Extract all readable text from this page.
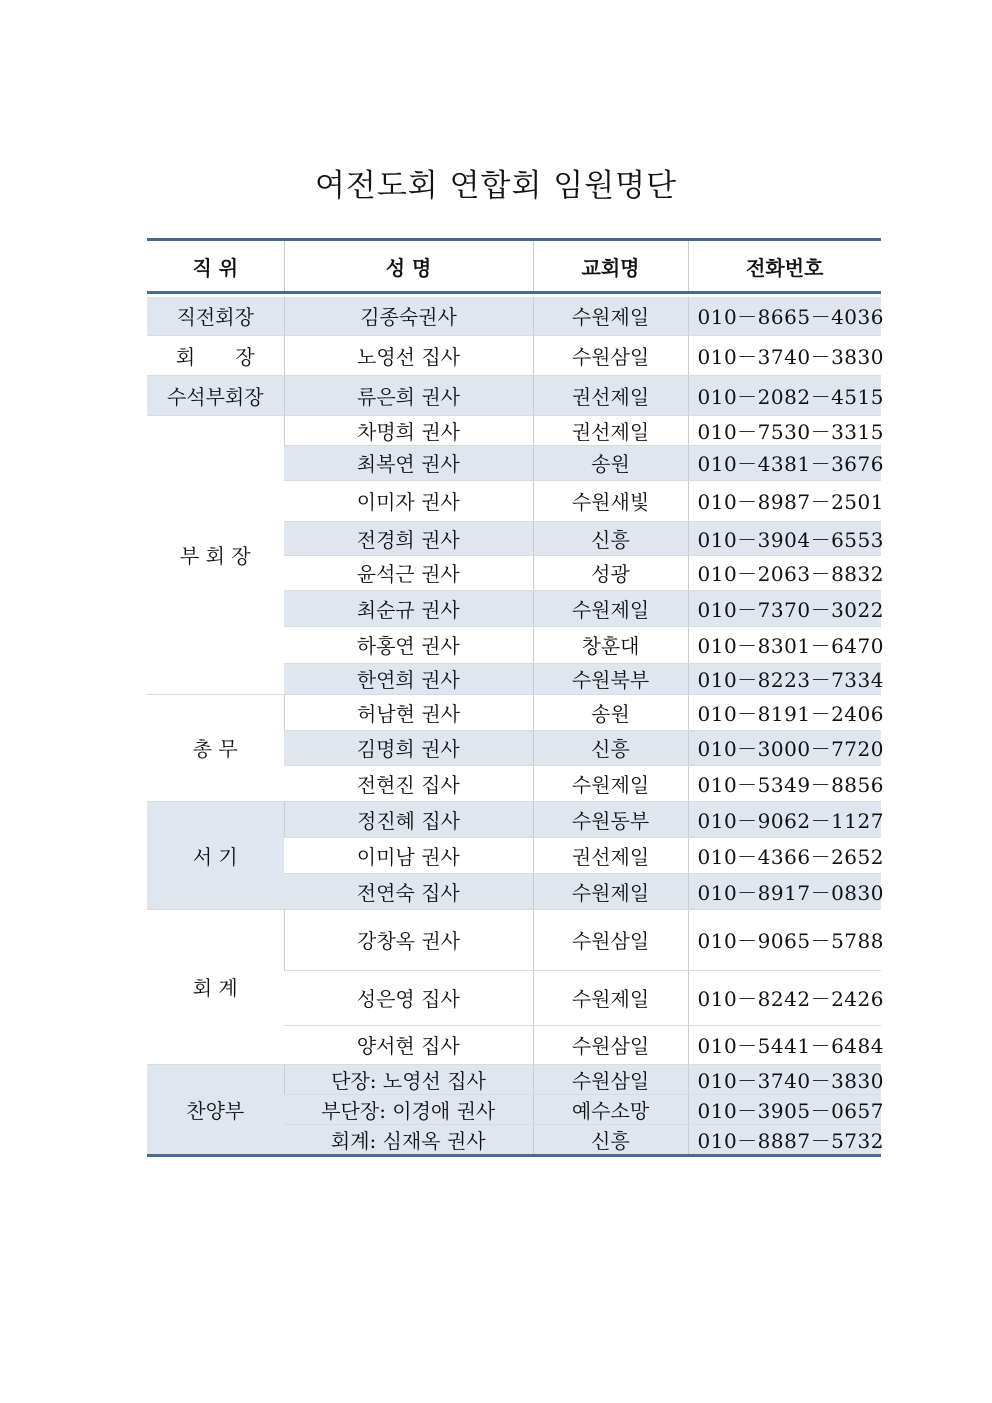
여전도회 연합회 임원명단
직 위	성 명	교회명	전화번호

직전회장	김종숙권사	수원제일	010－8665－4036
회　　장	노영선 집사	수원삼일	010－3740－3830
수석부회장	류은희 권사	권선제일	010－2082－4515
부 회 장	차명희 권사	권선제일	010－7530－3315
	최복연 권사	송원	010－4381－3676
	이미자 권사	수원새빛	010－8987－2501
	전경희 권사	신흥	010－3904－6553
	윤석근 권사	성광	010－2063－8832
	최순규 권사	수원제일	010－7370－3022
	하홍연 권사	창훈대	010－8301－6470
	한연희 권사	수원북부	010－8223－7334
총 무	허남현 권사	송원	010－8191－2406
	김명희 권사	신흥	010－3000－7720
	전현진 집사	수원제일	010－5349－8856
서 기	정진혜 집사	수원동부	010－9062－1127
	이미남 권사	권선제일	010－4366－2652
	전연숙 집사	수원제일	010－8917－0830
회 계	강창옥 권사	수원삼일	010－9065－5788
	성은영 집사	수원제일	010－8242－2426
	양서현 집사	수원삼일	010－5441－6484
찬양부	단장: 노영선 집사	수원삼일	010－3740－3830
	부단장: 이경애 권사	예수소망	010－3905－0657
	회계: 심재옥 권사	신흥	010－8887－5732
